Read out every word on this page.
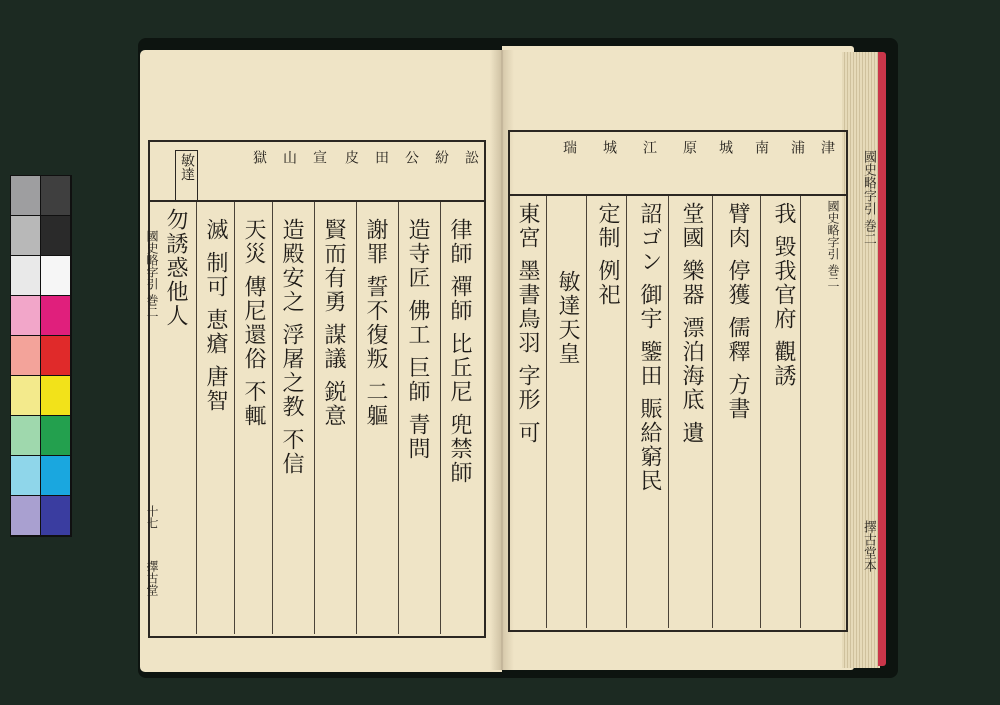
國史略字引 巻二
擇古堂本
訟
紛
公
田
皮
宣
山
獄
敏達
律師 禪師 比丘尼 兜禁師
造寺匠 佛工 巨師 青問
謝罪 誓不復叛 二軀
賢而有勇 謀議 鋭意
造殿安之 浮屠之教 不信
天災 傳尼還俗 不輒
滅 制可 恵瘡 唐智
勿誘惑他人
國史略字引 巻二
十七
擇古堂
津
浦
南
城
原
江
城
瑞
國史略字引 巻二
我 毀我官府 觀誘
臂肉 停獲 儒釋 方書
堂國 樂器 漂泊海底 遺
詔ゴン 御宇 鑒田 賑給窮民
定制 例祀
敏達天皇
東宮 墨書鳥羽 字形 可
